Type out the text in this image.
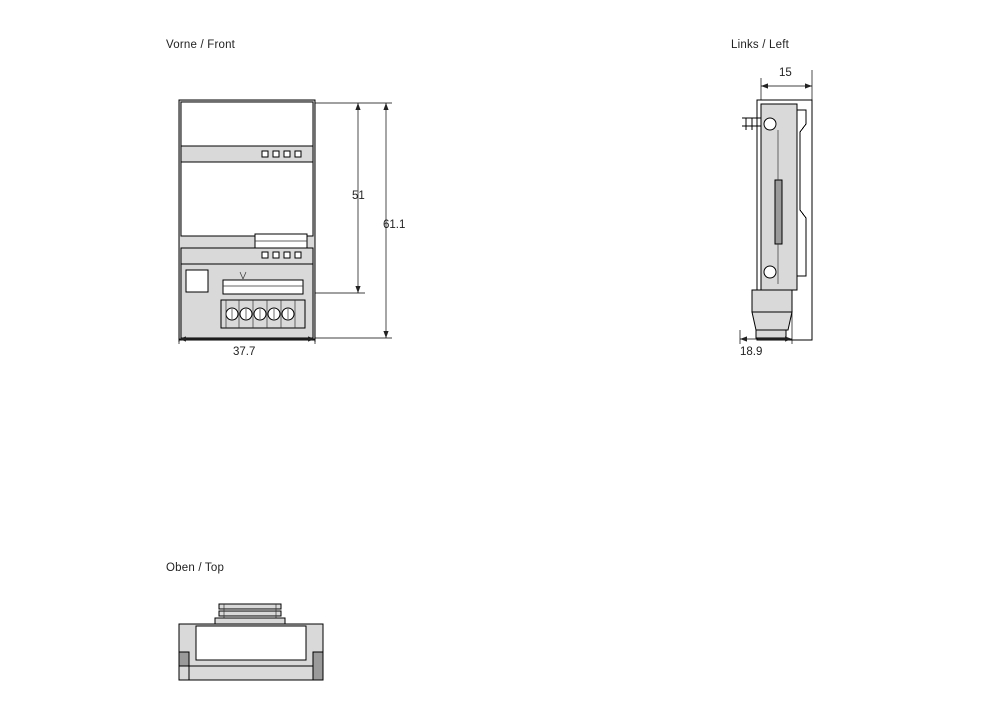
Vorne / Front	Links / Left
Oben / Top
51
61.1
37.7
15
18.9
